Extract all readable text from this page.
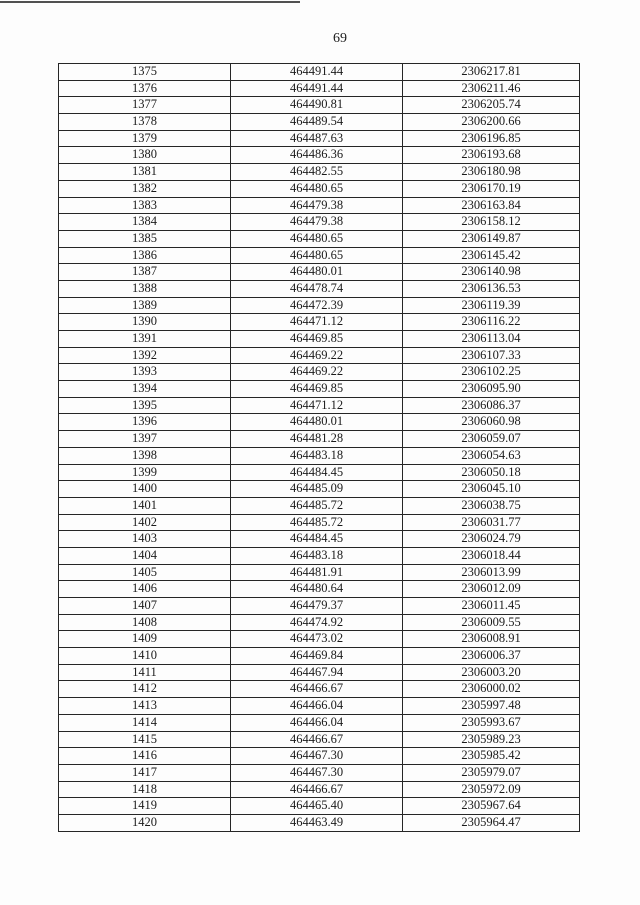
69
1375	464491.44	2306217.81
1376	464491.44	2306211.46
1377	464490.81	2306205.74
1378	464489.54	2306200.66
1379	464487.63	2306196.85
1380	464486.36	2306193.68
1381	464482.55	2306180.98
1382	464480.65	2306170.19
1383	464479.38	2306163.84
1384	464479.38	2306158.12
1385	464480.65	2306149.87
1386	464480.65	2306145.42
1387	464480.01	2306140.98
1388	464478.74	2306136.53
1389	464472.39	2306119.39
1390	464471.12	2306116.22
1391	464469.85	2306113.04
1392	464469.22	2306107.33
1393	464469.22	2306102.25
1394	464469.85	2306095.90
1395	464471.12	2306086.37
1396	464480.01	2306060.98
1397	464481.28	2306059.07
1398	464483.18	2306054.63
1399	464484.45	2306050.18
1400	464485.09	2306045.10
1401	464485.72	2306038.75
1402	464485.72	2306031.77
1403	464484.45	2306024.79
1404	464483.18	2306018.44
1405	464481.91	2306013.99
1406	464480.64	2306012.09
1407	464479.37	2306011.45
1408	464474.92	2306009.55
1409	464473.02	2306008.91
1410	464469.84	2306006.37
1411	464467.94	2306003.20
1412	464466.67	2306000.02
1413	464466.04	2305997.48
1414	464466.04	2305993.67
1415	464466.67	2305989.23
1416	464467.30	2305985.42
1417	464467.30	2305979.07
1418	464466.67	2305972.09
1419	464465.40	2305967.64
1420	464463.49	2305964.47
